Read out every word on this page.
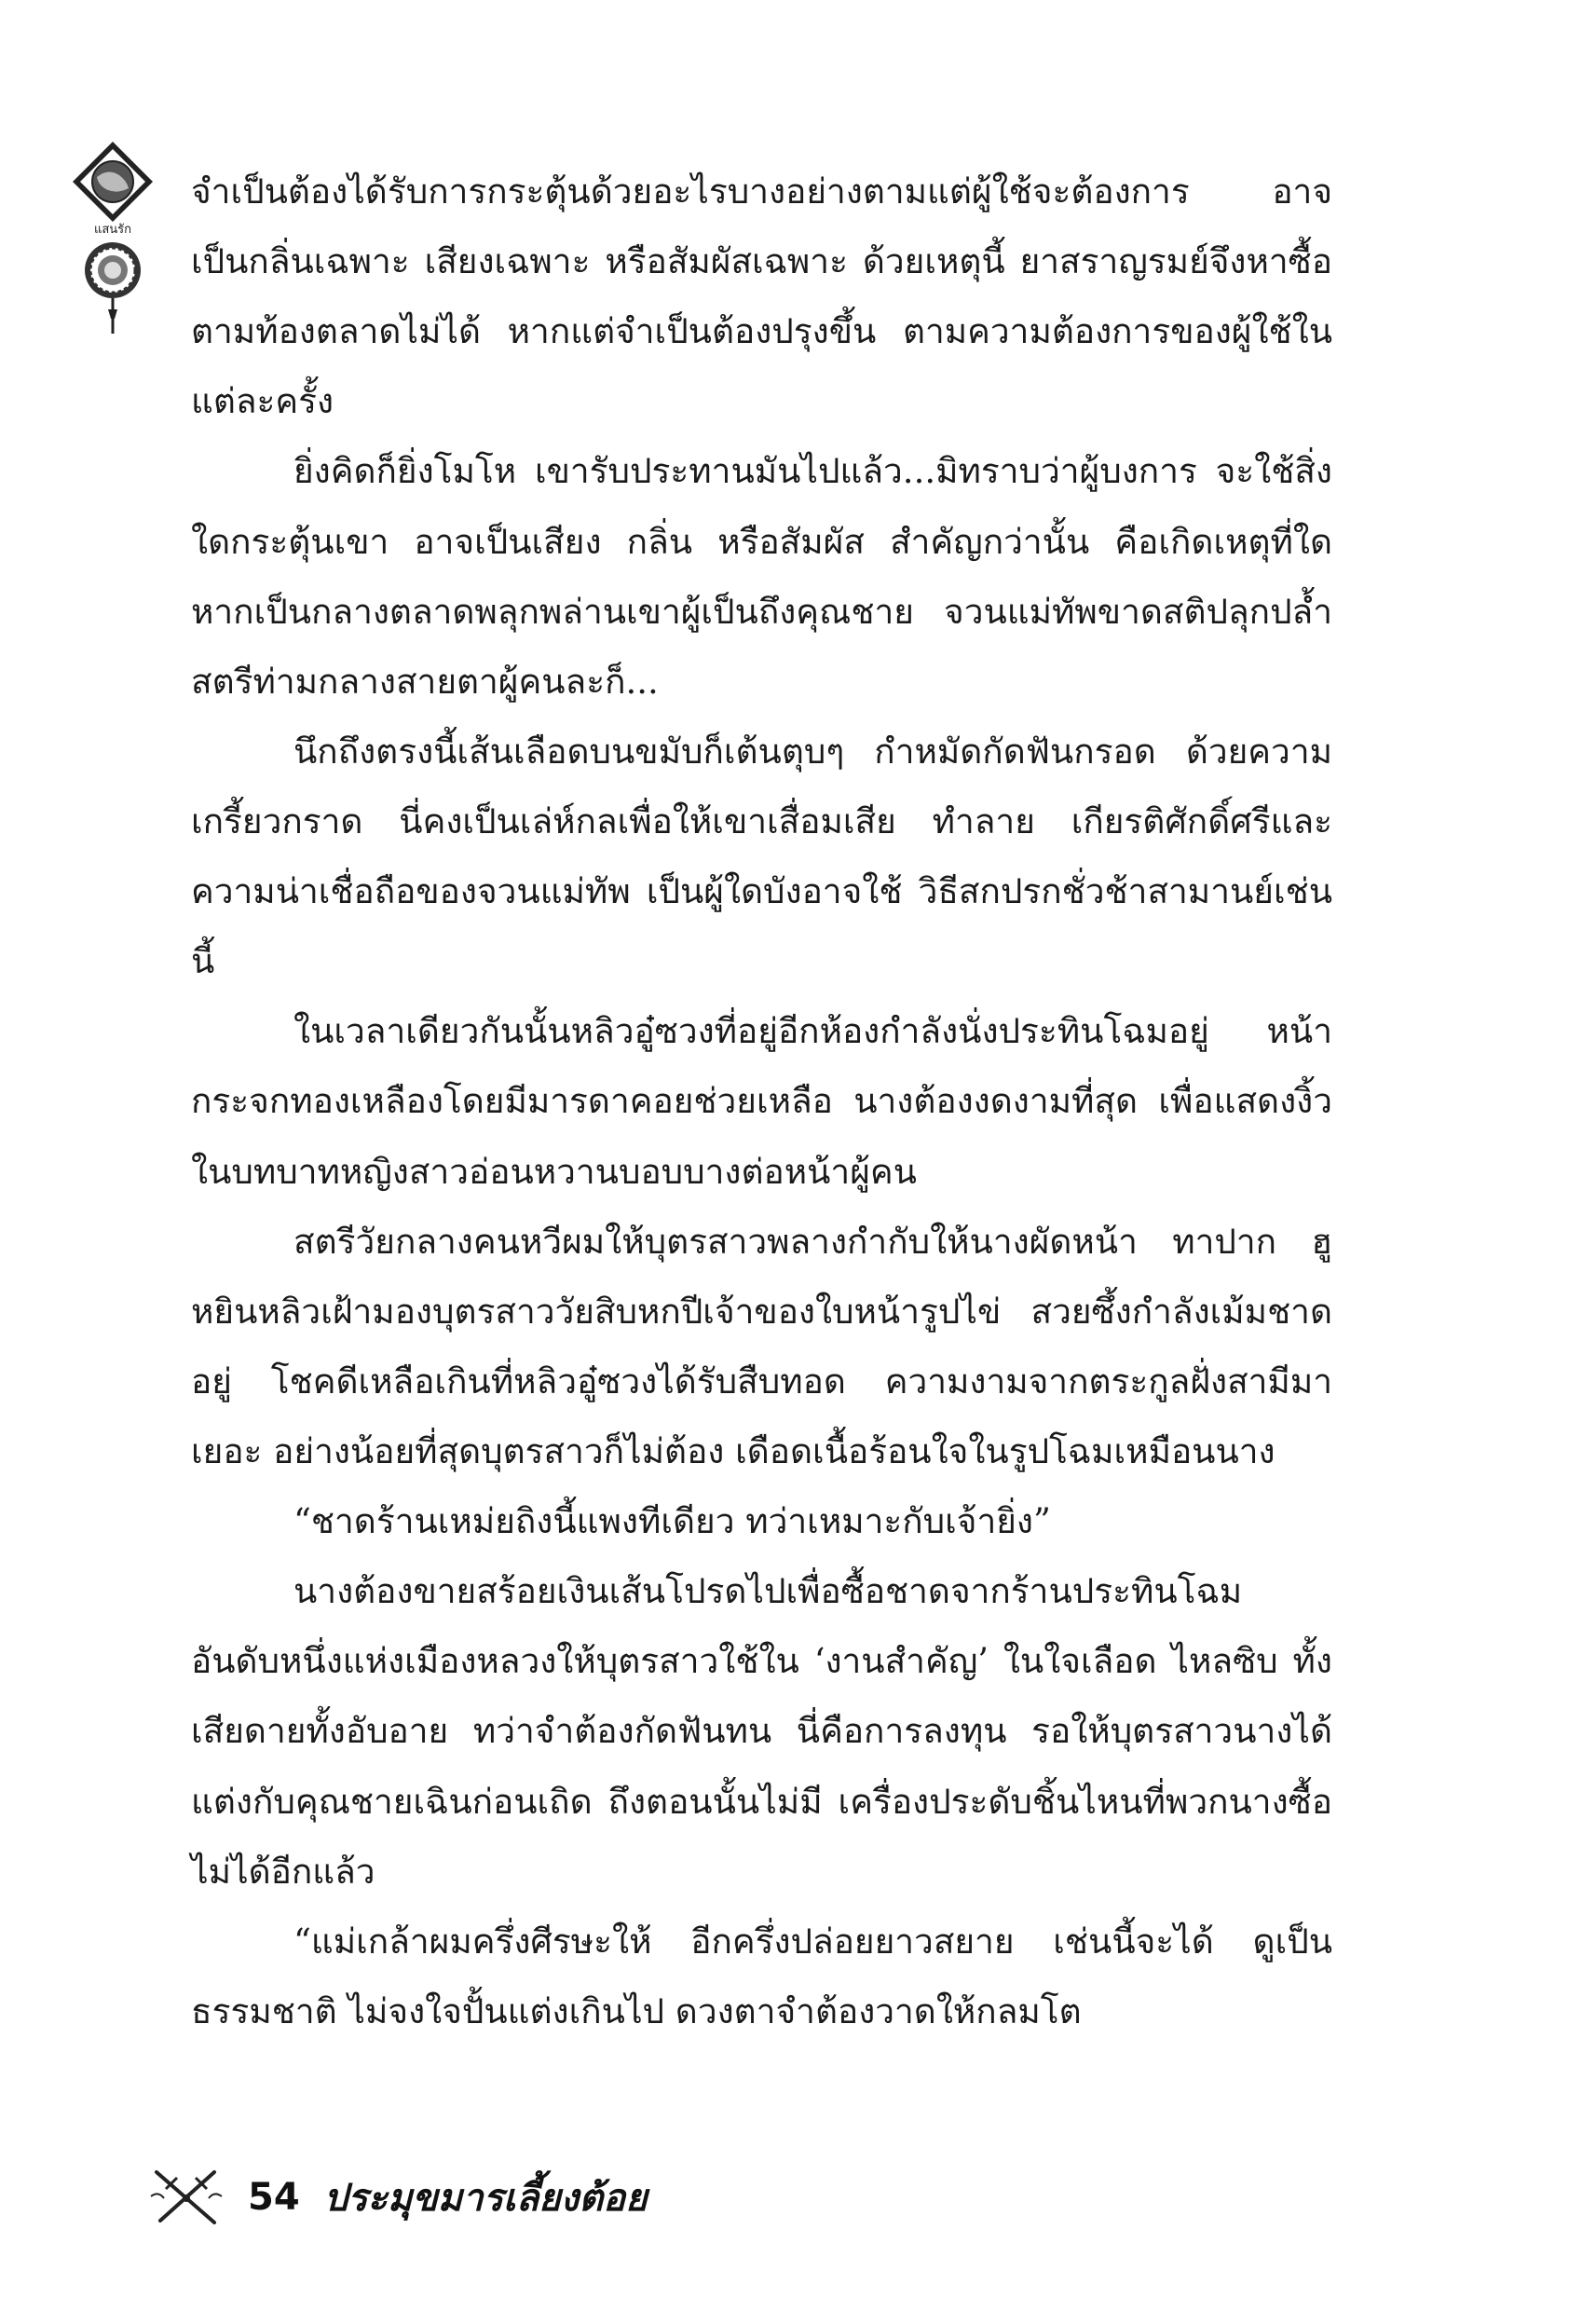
แสนรัก

จำเป็นต้องได้รับการกระตุ้นด้วยอะไรบางอย่างตามแต่ผู้ใช้จะต้องการ อาจเป็นกลิ่นเฉพาะ เสียงเฉพาะ หรือสัมผัสเฉพาะ ด้วยเหตุนี้ ยาสราญรมย์จึงหาซื้อตามท้องตลาดไม่ได้ หากแต่จำเป็นต้องปรุงขึ้น ตามความต้องการของผู้ใช้ในแต่ละครั้ง

ยิ่งคิดก็ยิ่งโมโห เขารับประทานมันไปแล้ว...มิทราบว่าผู้บงการ จะใช้สิ่งใดกระตุ้นเขา อาจเป็นเสียง กลิ่น หรือสัมผัส สำคัญกว่านั้น คือเกิดเหตุที่ใด หากเป็นกลางตลาดพลุกพล่านเขาผู้เป็นถึงคุณชาย จวนแม่ทัพขาดสติปลุกปล้ำสตรีท่ามกลางสายตาผู้คนละก็...

นึกถึงตรงนี้เส้นเลือดบนขมับก็เต้นตุบๆ กำหมัดกัดฟันกรอด ด้วยความเกรี้ยวกราด นี่คงเป็นเล่ห์กลเพื่อให้เขาเสื่อมเสีย ทำลาย เกียรติศักดิ์ศรีและความน่าเชื่อถือของจวนแม่ทัพ เป็นผู้ใดบังอาจใช้ วิธีสกปรกชั่วช้าสามานย์เช่นนี้

ในเวลาเดียวกันนั้นหลิวอู๋ซวงที่อยู่อีกห้องกำลังนั่งประทินโฉมอยู่ หน้ากระจกทองเหลืองโดยมีมารดาคอยช่วยเหลือ นางต้องงดงามที่สุด เพื่อแสดงงิ้วในบทบาทหญิงสาวอ่อนหวานบอบบางต่อหน้าผู้คน

สตรีวัยกลางคนหวีผมให้บุตรสาวพลางกำกับให้นางผัดหน้า ทาปาก ฮูหยินหลิวเฝ้ามองบุตรสาววัยสิบหกปีเจ้าของใบหน้ารูปไข่ สวยซึ้งกำลังเม้มชาดอยู่ โชคดีเหลือเกินที่หลิวอู๋ซวงได้รับสืบทอด ความงามจากตระกูลฝั่งสามีมาเยอะ อย่างน้อยที่สุดบุตรสาวก็ไม่ต้อง เดือดเนื้อร้อนใจในรูปโฉมเหมือนนาง

“ชาดร้านเหม่ยถิงนี้แพงทีเดียว ทว่าเหมาะกับเจ้ายิ่ง”

นางต้องขายสร้อยเงินเส้นโปรดไปเพื่อซื้อชาดจากร้านประทินโฉม อันดับหนึ่งแห่งเมืองหลวงให้บุตรสาวใช้ใน ‘งานสำคัญ’ ในใจเลือด ไหลซิบ ทั้งเสียดายทั้งอับอาย ทว่าจำต้องกัดฟันทน นี่คือการลงทุน รอให้บุตรสาวนางได้แต่งกับคุณชายเฉินก่อนเถิด ถึงตอนนั้นไม่มี เครื่องประดับชิ้นไหนที่พวกนางซื้อไม่ได้อีกแล้ว

“แม่เกล้าผมครึ่งศีรษะให้ อีกครึ่งปล่อยยาวสยาย เช่นนี้จะได้ ดูเป็นธรรมชาติ ไม่จงใจปั้นแต่งเกินไป ดวงตาจำต้องวาดให้กลมโต

54 ประมุขมารเลี้ยงต้อย
